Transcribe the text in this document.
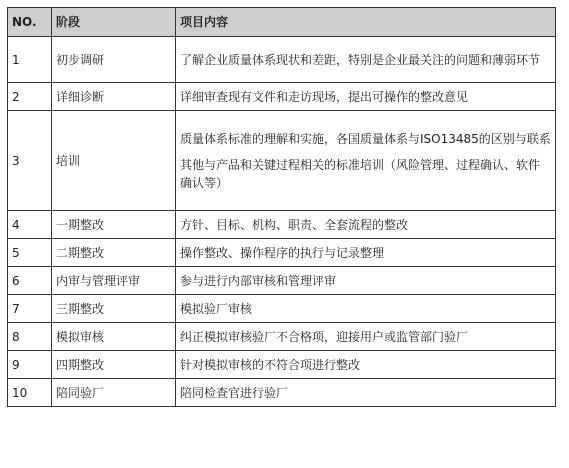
NO.	阶段	项目内容
1	初步调研	了解企业质量体系现状和差距，特别是企业最关注的问题和薄弱环节

2	详细诊断	详细审查现有文件和走访现场，提出可操作的整改意见

3	培训	质量体系标准的理解和实施，各国质量体系与ISO13485的区别与联系

其他与产品和关键过程相关的标准培训（风险管理、过程确认、软件确认等）

4	一期整改	方针、目标、机构、职责、全套流程的整改

5	二期整改	操作整改、操作程序的执行与记录整理

6	内审与管理评审	参与进行内部审核和管理评审

7	三期整改	模拟验厂审核

8	模拟审核	纠正模拟审核验厂不合格项，迎接用户或监管部门验厂

9	四期整改	针对模拟审核的不符合项进行整改

10	陪同验厂	陪同检查官进行验厂
